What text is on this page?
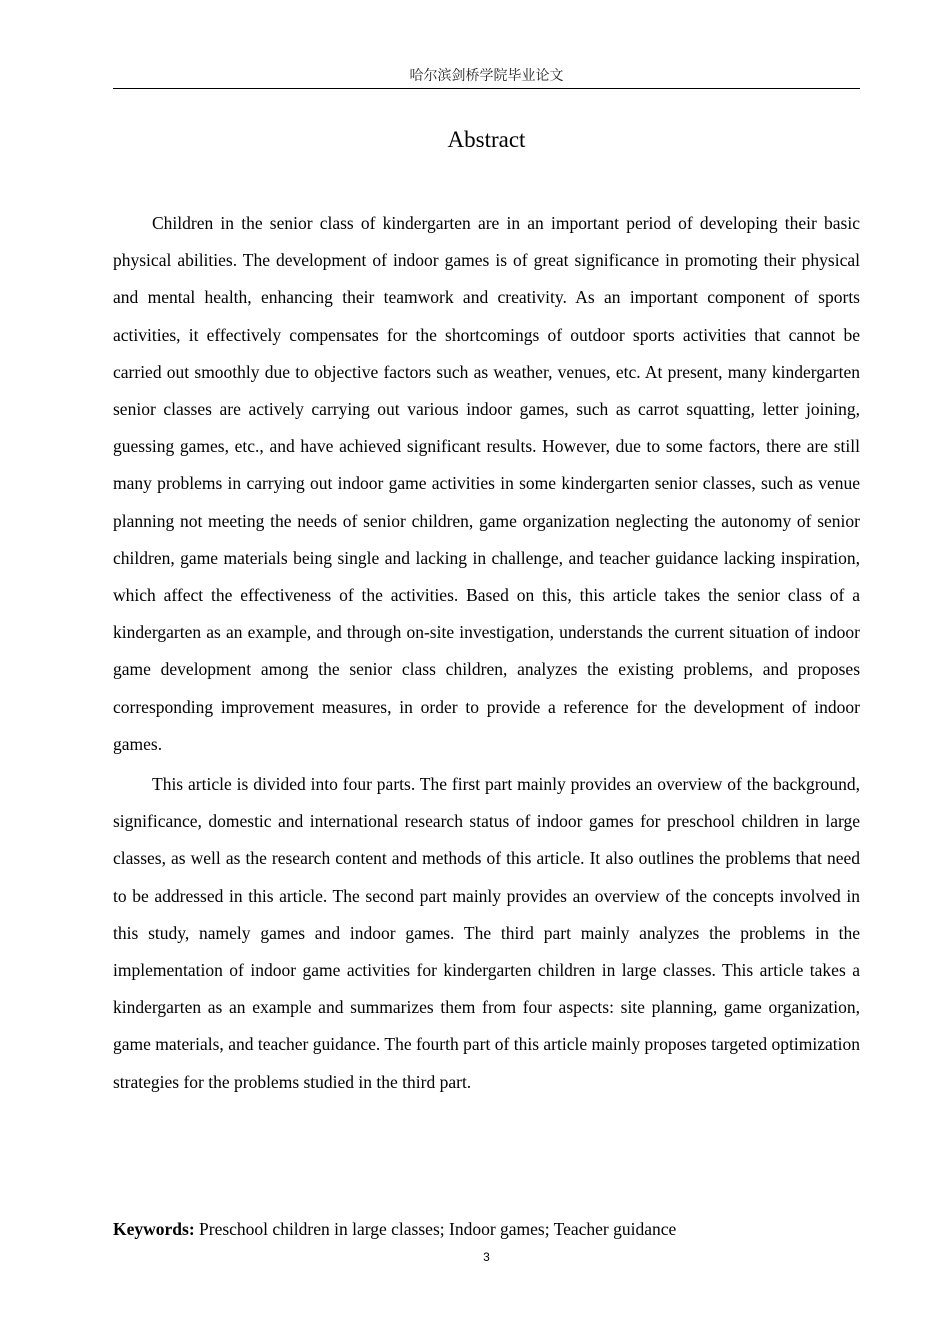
哈尔滨剑桥学院毕业论文
Abstract

Children in the senior class of kindergarten are in an important period of developing their basic physical abilities. The development of indoor games is of great significance in promoting their physical and mental health, enhancing their teamwork and creativity. As an important component of sports activities, it effectively compensates for the shortcomings of outdoor sports activities that cannot be carried out smoothly due to objective factors such as weather, venues, etc. At present, many kindergarten senior classes are actively carrying out various indoor games, such as carrot squatting, letter joining, guessing games, etc., and have achieved significant results. However, due to some factors, there are still many problems in carrying out indoor game activities in some kindergarten senior classes, such as venue planning not meeting the needs of senior children, game organization neglecting the autonomy of senior children, game materials being single and lacking in challenge, and teacher guidance lacking inspiration, which affect the effectiveness of the activities. Based on this, this article takes the senior class of a kindergarten as an example, and through on-site investigation, understands the current situation of indoor game development among the senior class children, analyzes the existing problems, and proposes corresponding improvement measures, in order to provide a reference for the development of indoor games.

This article is divided into four parts. The first part mainly provides an overview of the background, significance, domestic and international research status of indoor games for preschool children in large classes, as well as the research content and methods of this article. It also outlines the problems that need to be addressed in this article. The second part mainly provides an overview of the concepts involved in this study, namely games and indoor games. The third part mainly analyzes the problems in the implementation of indoor game activities for kindergarten children in large classes. This article takes a kindergarten as an example and summarizes them from four aspects: site planning, game organization, game materials, and teacher guidance. The fourth part of this article mainly proposes targeted optimization strategies for the problems studied in the third part.

Keywords: Preschool children in large classes; Indoor games; Teacher guidance
3
